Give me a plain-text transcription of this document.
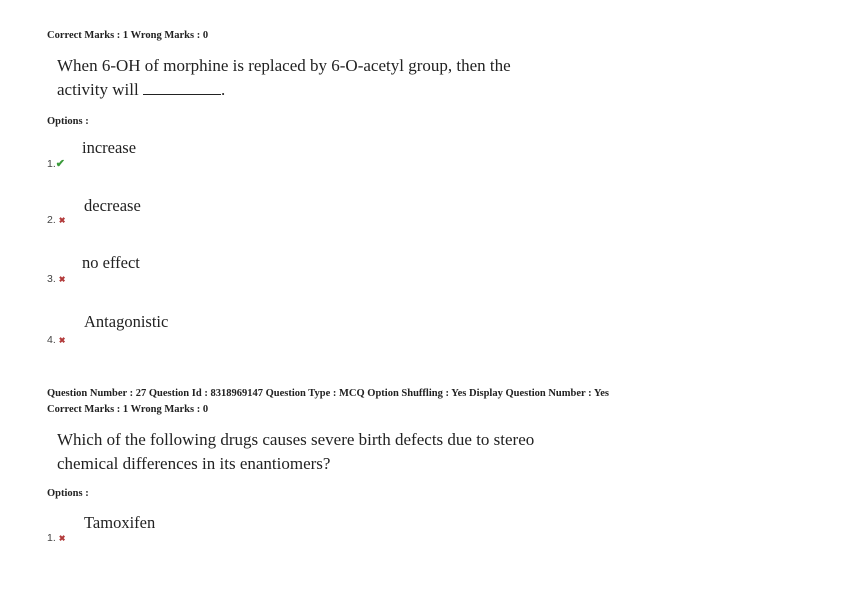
Correct Marks : 1 Wrong Marks : 0
When 6-OH of morphine is replaced by 6-O-acetyl group, then the
activity will	.
Options :
increase
1.✔
decrease
2. ✖
no effect
3. ✖
Antagonistic
4. ✖
Question Number : 27 Question Id : 8318969147 Question Type : MCQ Option Shuffling : Yes Display Question Number : Yes
Correct Marks : 1 Wrong Marks : 0
Which of the following drugs causes severe birth defects due to stereo
chemical differences in its enantiomers?
Options :
Tamoxifen
1. ✖
